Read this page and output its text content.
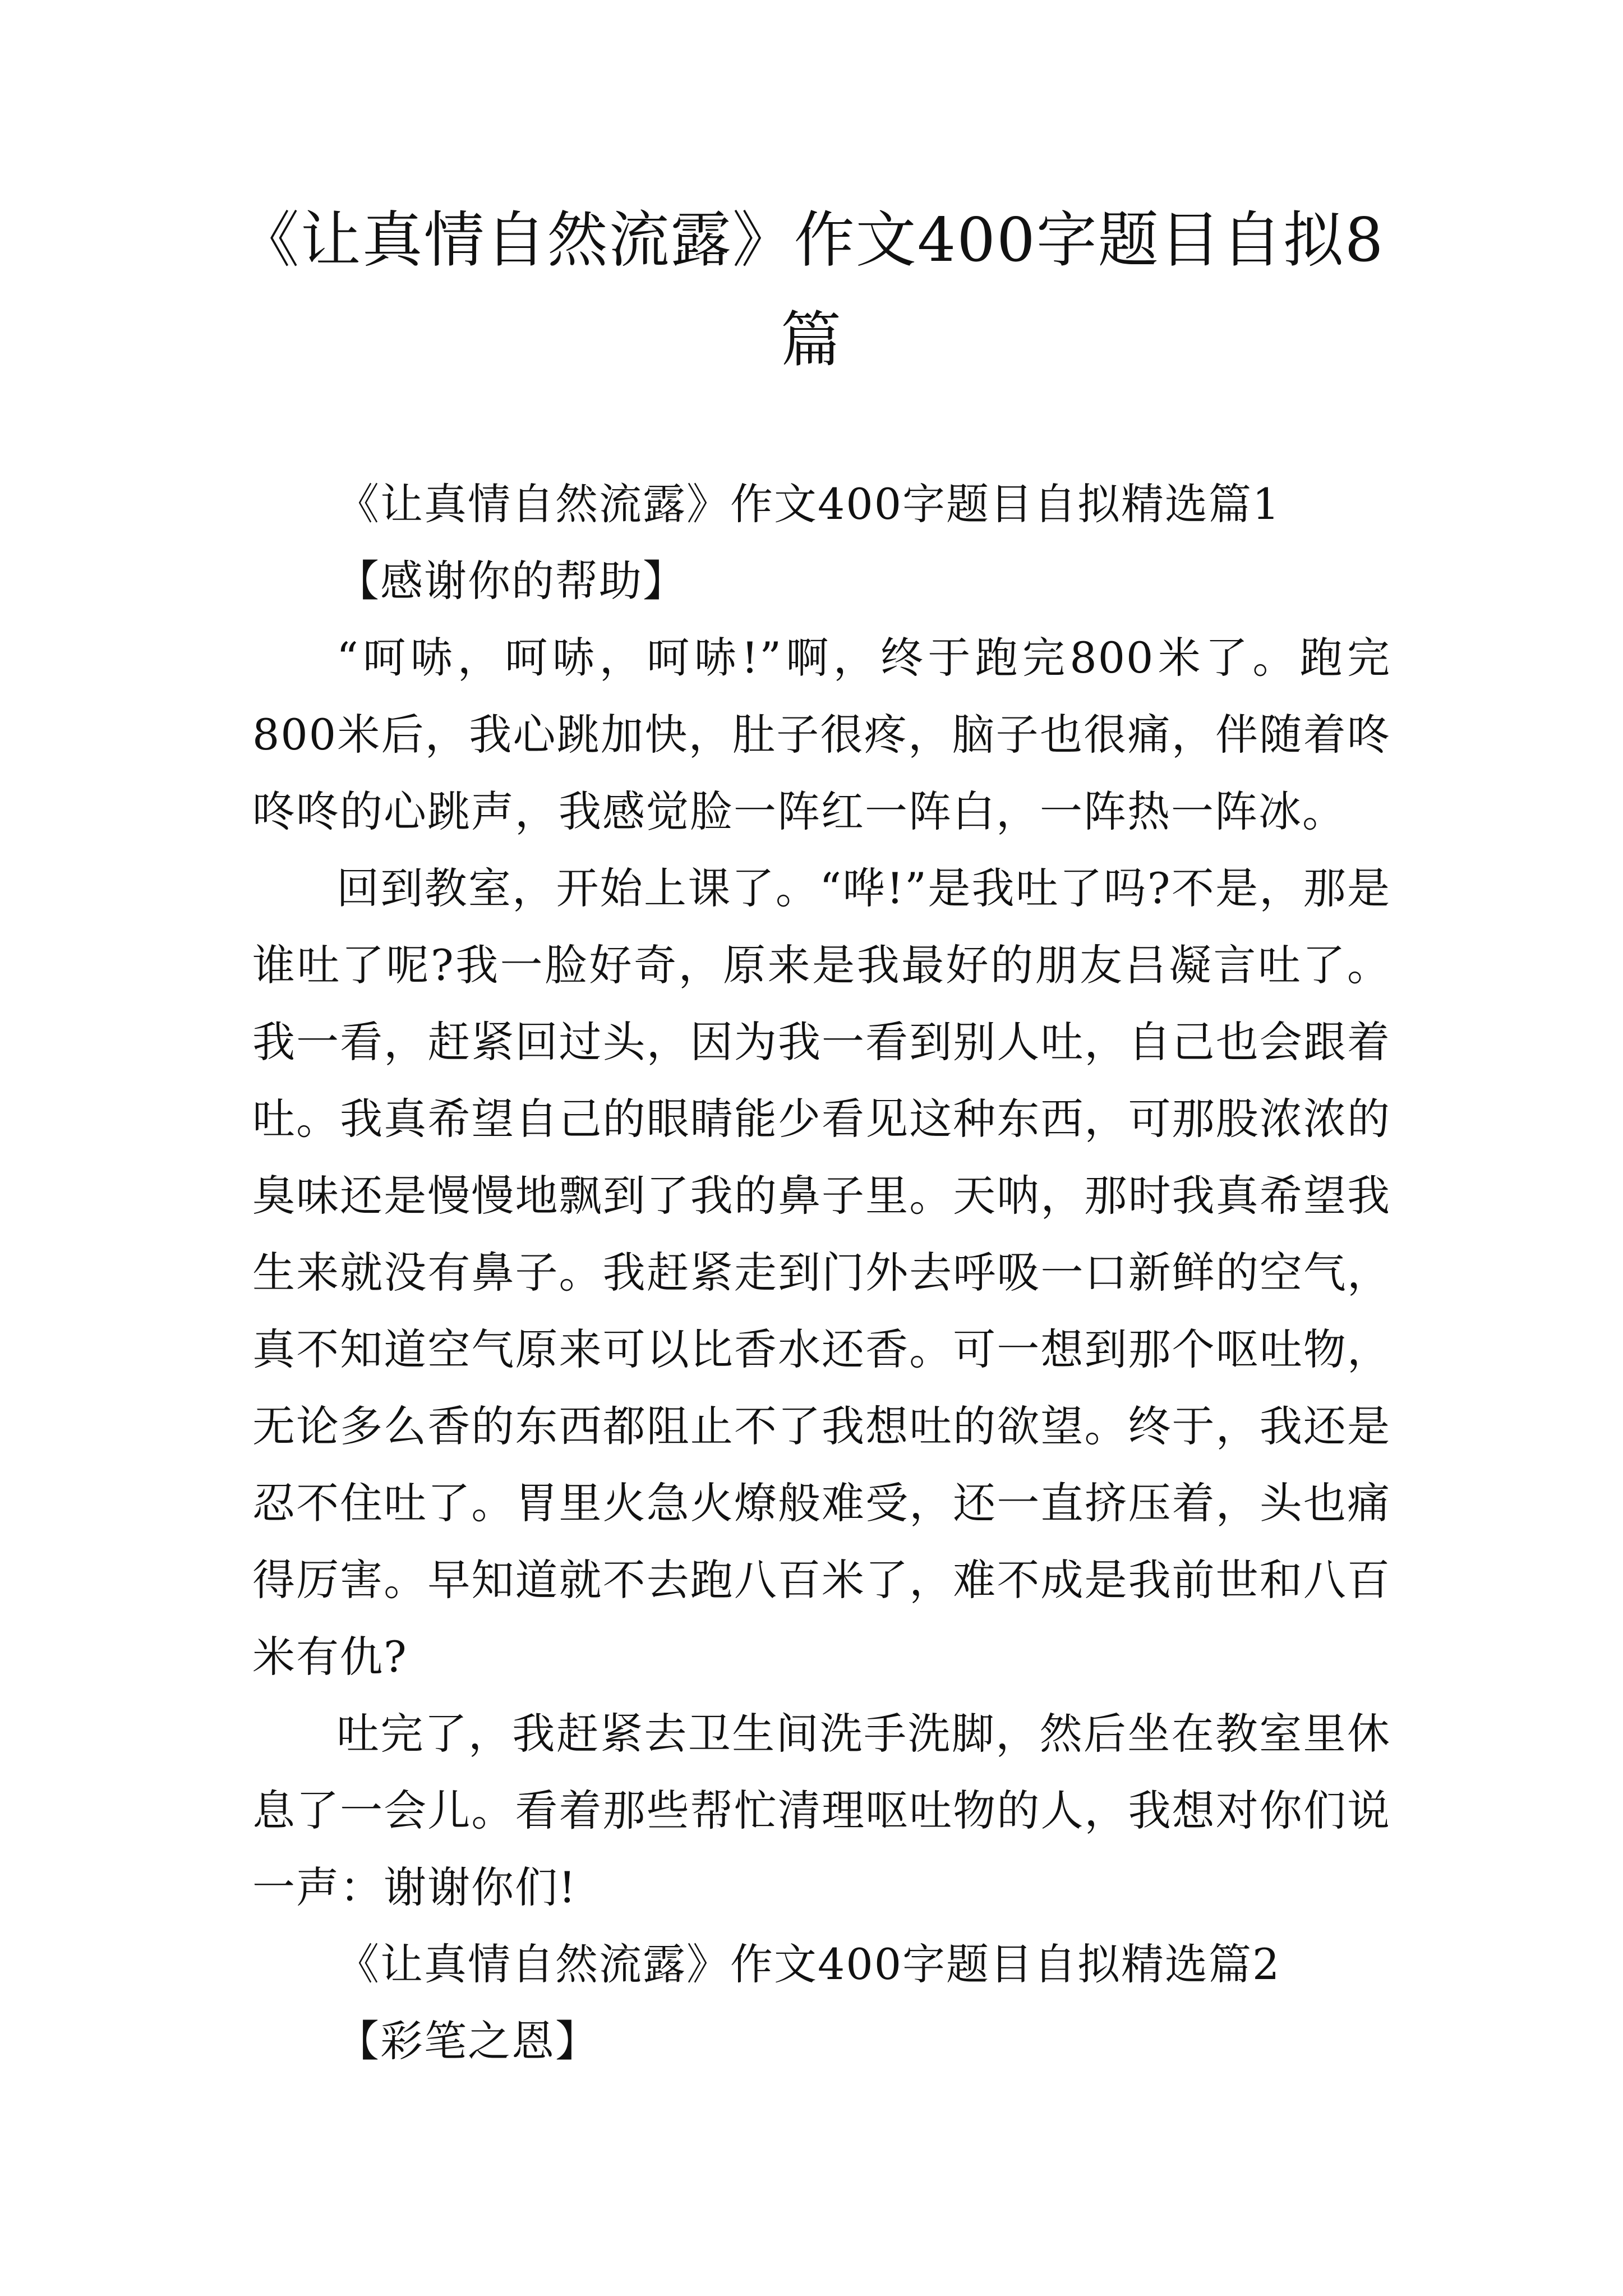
《让真情自然流露》作文400字题目自拟8篇

《让真情自然流露》作文400字题目自拟精选篇1

【感谢你的帮助】

“呵哧，呵哧，呵哧!”啊，终于跑完800米了。跑完800米后，我心跳加快，肚子很疼，脑子也很痛，伴随着咚咚咚的心跳声，我感觉脸一阵红一阵白，一阵热一阵冰。

回到教室，开始上课了。“哗!”是我吐了吗?不是，那是谁吐了呢?我一脸好奇，原来是我最好的朋友吕凝言吐了。我一看，赶紧回过头，因为我一看到别人吐，自己也会跟着吐。我真希望自己的眼睛能少看见这种东西，可那股浓浓的臭味还是慢慢地飘到了我的鼻子里。天呐，那时我真希望我生来就没有鼻子。我赶紧走到门外去呼吸一口新鲜的空气，真不知道空气原来可以比香水还香。可一想到那个呕吐物，无论多么香的东西都阻止不了我想吐的欲望。终于，我还是忍不住吐了。胃里火急火燎般难受，还一直挤压着，头也痛得厉害。早知道就不去跑八百米了，难不成是我前世和八百米有仇?

吐完了，我赶紧去卫生间洗手洗脚，然后坐在教室里休息了一会儿。看着那些帮忙清理呕吐物的人，我想对你们说一声：谢谢你们!

《让真情自然流露》作文400字题目自拟精选篇2

【彩笔之恩】
